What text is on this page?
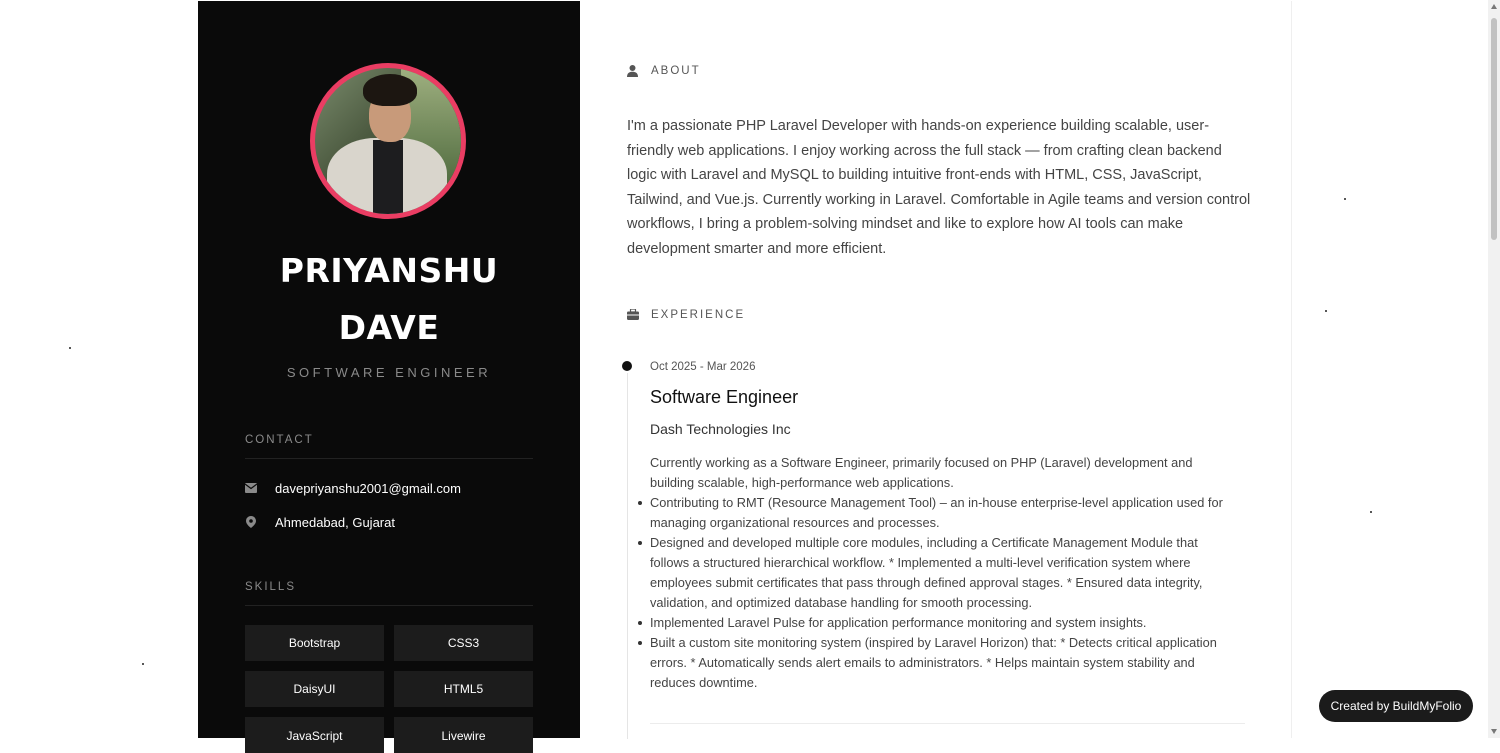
PRIYANSHU
DAVE
SOFTWARE ENGINEER
CONTACT
davepriyanshu2001@gmail.com
Ahmedabad, Gujarat
SKILLS
Bootstrap	CSS3
DaisyUI	HTML5
JavaScript	Livewire
ABOUT

I'm a passionate PHP Laravel Developer with hands-on experience building scalable, user-friendly web applications. I enjoy working across the full stack — from crafting clean backend logic with Laravel and MySQL to building intuitive front-ends with HTML, CSS, JavaScript, Tailwind, and Vue.js. Currently working in Laravel. Comfortable in Agile teams and version control workflows, I bring a problem-solving mindset and like to explore how AI tools can make development smarter and more efficient.

EXPERIENCE
Oct 2025 - Mar 2026
Software Engineer
Dash Technologies Inc

Currently working as a Software Engineer, primarily focused on PHP (Laravel) development and building scalable, high-performance web applications.

Contributing to RMT (Resource Management Tool) – an in-house enterprise-level application used for managing organizational resources and processes.
Designed and developed multiple core modules, including a Certificate Management Module that follows a structured hierarchical workflow. * Implemented a multi-level verification system where employees submit certificates that pass through defined approval stages. * Ensured data integrity, validation, and optimized database handling for smooth processing.
Implemented Laravel Pulse for application performance monitoring and system insights.
Built a custom site monitoring system (inspired by Laravel Horizon) that: * Detects critical application errors. * Automatically sends alert emails to administrators. * Helps maintain system stability and reduces downtime.
Created by BuildMyFolio
